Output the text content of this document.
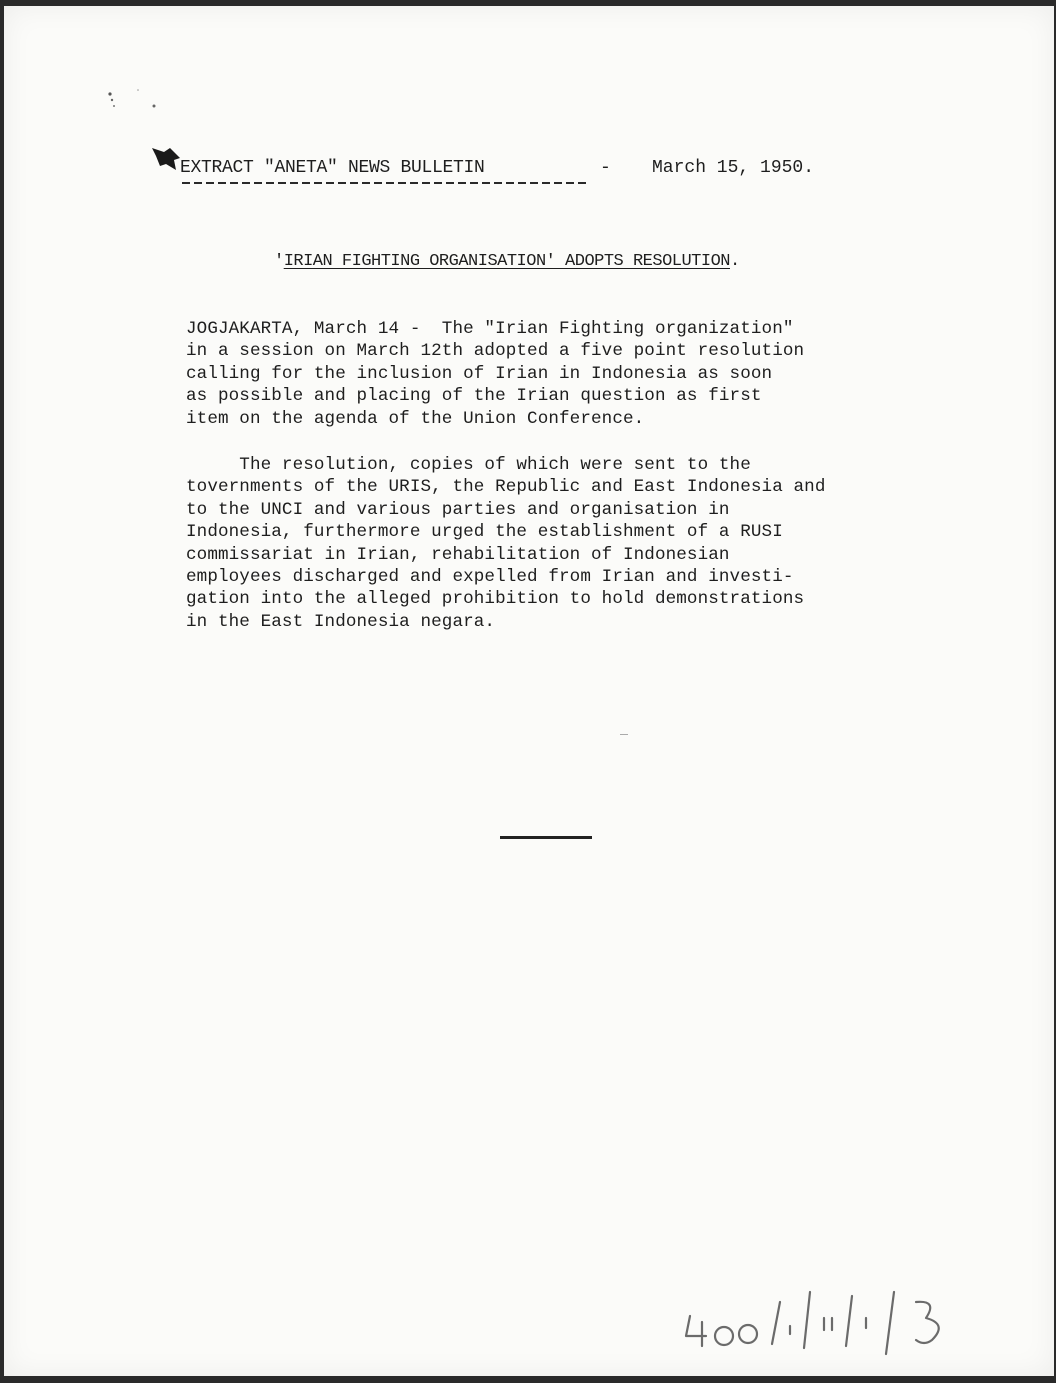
EXTRACT "ANETA" NEWS BULLETIN	- March 15, 1950.
'IRIAN FIGHTING ORGANISATION' ADOPTS RESOLUTION.
JOGJAKARTA, March 14 -  The "Irian Fighting organization"
in a session on March 12th adopted a five point resolution
calling for the inclusion of Irian in Indonesia as soon
as possible and placing of the Irian question as first
item on the agenda of the Union Conference.
The resolution, copies of which were sent to the
tovernments of the URIS, the Republic and East Indonesia and
to the UNCI and various parties and organisation in
Indonesia, furthermore urged the establishment of a RUSI
commissariat in Irian, rehabilitation of Indonesian
employees discharged and expelled from Irian and investi-
gation into the alleged prohibition to hold demonstrations
in the East Indonesia negara.
